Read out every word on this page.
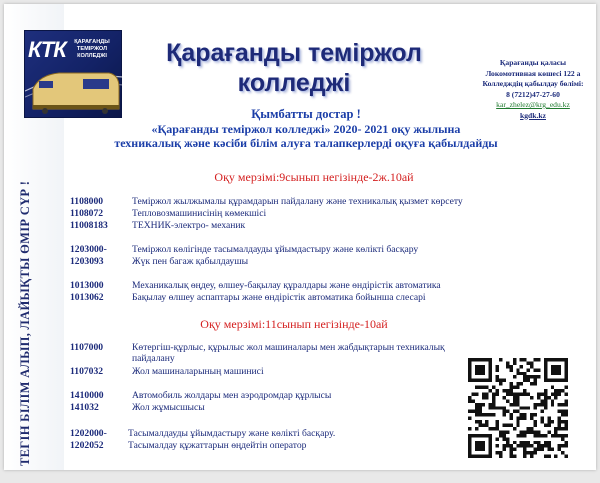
ТЕГІН БІЛІМ АЛЫП, ЛАЙЫҚТЫ ӨМІР СҮР !
КТК	ҚАРАҒАНДЫ
ТЕМІРЖОЛ
КОЛЛЕДЖІ	Қарағанды теміржол
колледжі
Қарағанды қаласы
Локомотивная көшесі 122 а
Колледждің қабылдау бөлімі:
8 (7212)47-27-60
kar_zhelez@krg_edu.kz
kgdk.kz
Қымбатты достар !
«Қарағанды теміржол колледжі» 2020- 2021 оқу жылына
техникалық және кәсіби білім алуға талапкерлерді оқуға қабылдайды
Оқу мерзімі:9сынып негізінде-2ж.10ай
1108000	Теміржол жылжымалы құрамдарын пайдалану және техникалық қызмет көрсету
1108072	Тепловозмашинисінің көмекшісі
11008183	ТЕХНИК-электро- механик
1203000-	Теміржол көлігінде тасымалдауды ұйымдастыру және көлікті басқару
1203093	Жүк пен багаж қабылдаушы
1013000	Механикалық өңдеу, өлшеу-бақылау құралдары және өндірістік автоматика
1013062	Бақылау өлшеу аспаптары және өндірістік автоматика бойынша слесарі
Оқу мерзімі:11сынып негізінде-10ай
1107000	Көтергіш-құрлыс, құрылыс жол машиналары мен жабдықтарын техникалық пайдалану
1107032	Жол машиналарының машинисі
1410000	Автомобиль жолдары мен аэродромдар құрлысы
141032	Жол жұмысшысы
1202000- Тасымалдауды ұйымдастыру және көлікті басқару.
1202052	Тасымалдау құжаттарын өңдейтін оператор
